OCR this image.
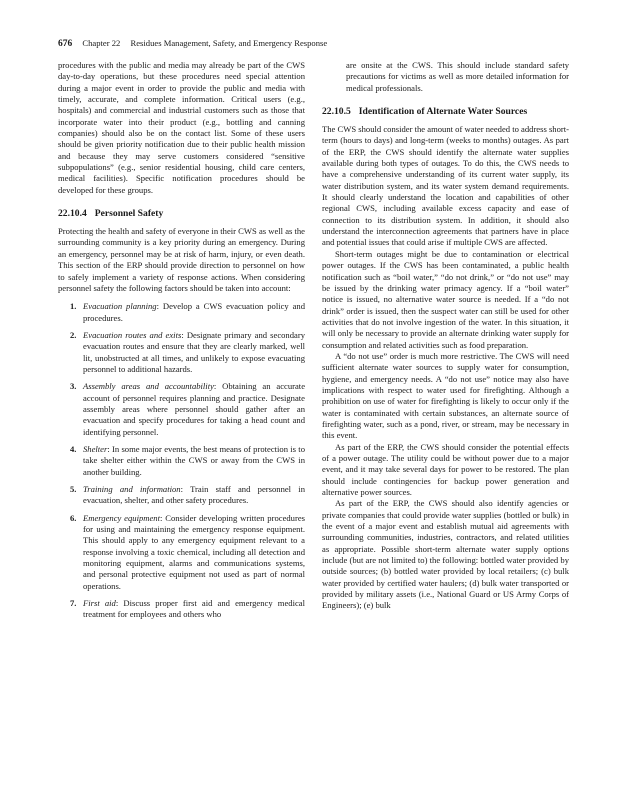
676 Chapter 22 Residues Management, Safety, and Emergency Response

procedures with the public and media may already be part of the CWS day-to-day operations, but these procedures need special attention during a major event in order to provide the public and media with timely, accurate, and complete information. Critical users (e.g., hospitals) and commercial and industrial customers such as those that incorporate water into their product (e.g., bottling and canning companies) should also be on the contact list. Some of these users should be given priority notification due to their public health mission and because they may serve customers considered “sensitive subpopulations” (e.g., senior residential housing, child care centers, medical facilities). Specific notification procedures should be developed for these groups.

22.10.4 Personnel Safety

Protecting the health and safety of everyone in their CWS as well as the surrounding community is a key priority during an emergency. During an emergency, personnel may be at risk of harm, injury, or even death. This section of the ERP should provide direction to personnel on how to safely implement a variety of response actions. When considering personnel safety the following factors should be taken into account:

1. Evacuation planning: Develop a CWS evacuation policy and procedures.
2. Evacuation routes and exits: Designate primary and secondary evacuation routes and ensure that they are clearly marked, well lit, unobstructed at all times, and unlikely to expose evacuating personnel to additional hazards.
3. Assembly areas and accountability: Obtaining an accurate account of personnel requires planning and practice. Designate assembly areas where personnel should gather after an evacuation and specify procedures for taking a head count and identifying personnel.
4. Shelter: In some major events, the best means of protection is to take shelter either within the CWS or away from the CWS in another building.
5. Training and information: Train staff and personnel in evacuation, shelter, and other safety procedures.
6. Emergency equipment: Consider developing written procedures for using and maintaining the emergency response equipment. This should apply to any emergency equipment relevant to a response involving a toxic chemical, including all detection and monitoring equipment, alarms and communications systems, and personal protective equipment not used as part of normal operations.
7. First aid: Discuss proper first aid and emergency medical treatment for employees and others who

are onsite at the CWS. This should include standard safety precautions for victims as well as more detailed information for medical professionals.

22.10.5 Identification of Alternate Water Sources

The CWS should consider the amount of water needed to address short-term (hours to days) and long-term (weeks to months) outages. As part of the ERP, the CWS should identify the alternate water supplies available during both types of outages. To do this, the CWS needs to have a comprehensive understanding of its current water supply, its water distribution system, and its water system demand requirements. It should clearly understand the location and capabilities of other regional CWS, including available excess capacity and ease of connection to its distribution system. In addition, it should also understand the interconnection agreements that partners have in place and potential issues that could arise if multiple CWS are affected.

Short-term outages might be due to contamination or electrical power outages. If the CWS has been contaminated, a public health notification such as “boil water,” “do not drink,” or “do not use” may be issued by the drinking water primacy agency. If a “boil water” notice is issued, no alternative water source is needed. If a “do not drink” order is issued, then the suspect water can still be used for other activities that do not involve ingestion of the water. In this situation, it will only be necessary to provide an alternate drinking water supply for consumption and related activities such as food preparation.

A “do not use” order is much more restrictive. The CWS will need sufficient alternate water sources to supply water for consumption, hygiene, and emergency needs. A “do not use” notice may also have implications with respect to water used for firefighting. Although a prohibition on use of water for firefighting is likely to occur only if the water is contaminated with certain substances, an alternate source of firefighting water, such as a pond, river, or stream, may be necessary in this event.

As part of the ERP, the CWS should consider the potential effects of a power outage. The utility could be without power due to a major event, and it may take several days for power to be restored. The plan should include contingencies for backup power generation and alternative power sources.

As part of the ERP, the CWS should also identify agencies or private companies that could provide water supplies (bottled or bulk) in the event of a major event and establish mutual aid agreements with surrounding communities, industries, contractors, and related utilities as appropriate. Possible short-term alternate water supply options include (but are not limited to) the following: bottled water provided by outside sources; (b) bottled water provided by local retailers; (c) bulk water provided by certified water haulers; (d) bulk water transported or provided by military assets (i.e., National Guard or US Army Corps of Engineers); (e) bulk
